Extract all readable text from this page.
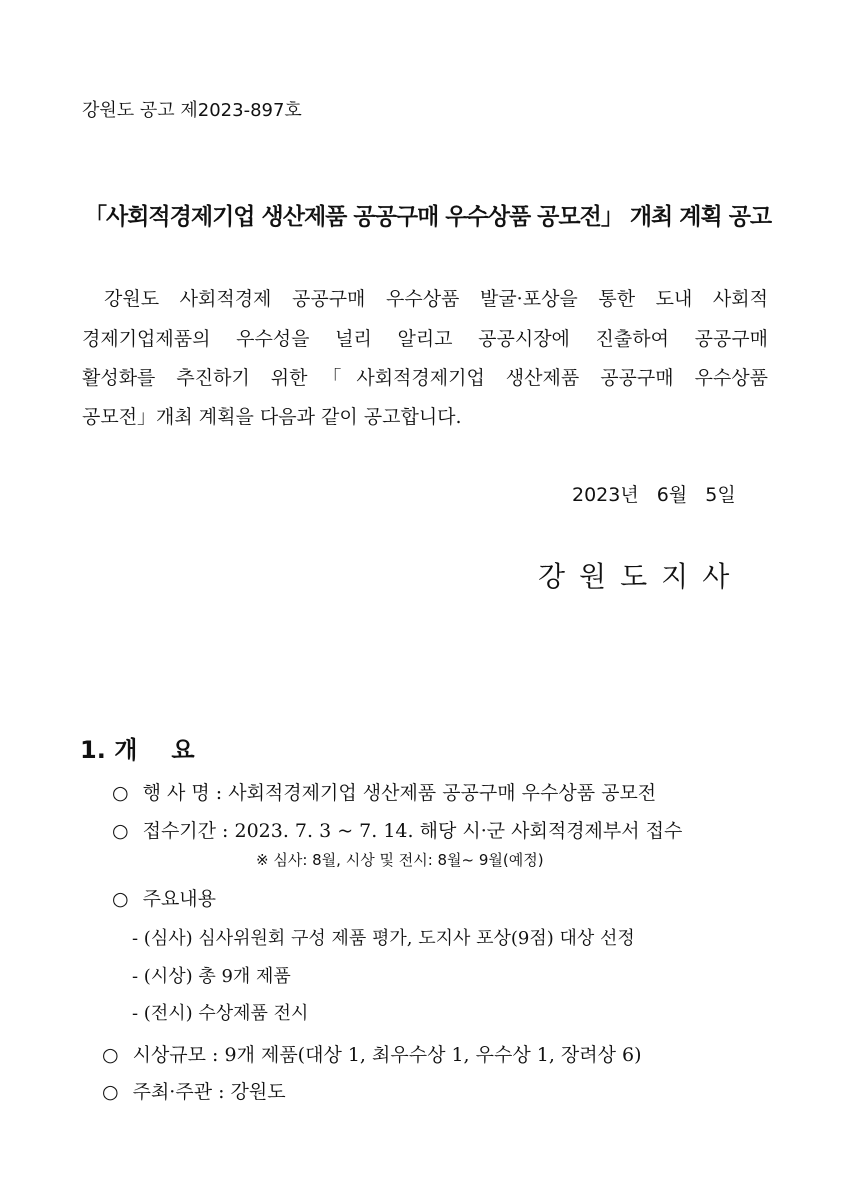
강원도 공고 제2023-897호
「사회적경제기업 생산제품 공공구매 우수상품 공모전」 개최 계획 공고
강원도 사회적경제 공공구매 우수상품 발굴·포상을 통한 도내 사회적
경제기업제품의 우수성을 널리 알리고 공공시장에 진출하여 공공구매
활성화를 추진하기 위한「사회적경제기업 생산제품 공공구매 우수상품
공모전」개최 계획을 다음과 같이 공고합니다.
2023년 6월 5일
강원도지사
1. 개 요
○ 행 사 명 : 사회적경제기업 생산제품 공공구매 우수상품 공모전
○ 접수기간 : 2023. 7. 3 ~ 7. 14. 해당 시·군 사회적경제부서 접수
※ 심사: 8월, 시상 및 전시: 8월~ 9월(예정)
○ 주요내용
- (심사) 심사위원회 구성 제품 평가, 도지사 포상(9점) 대상 선정
- (시상) 총 9개 제품
- (전시) 수상제품 전시
○ 시상규모 : 9개 제품(대상 1, 최우수상 1, 우수상 1, 장려상 6)
○ 주최·주관 : 강원도
